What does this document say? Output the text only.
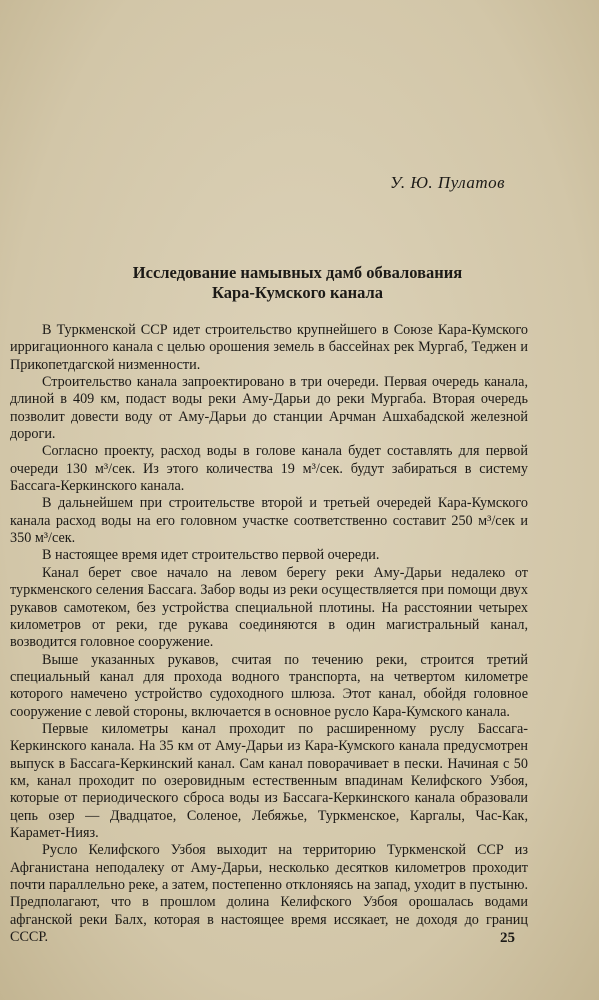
У. Ю. Пулатов
Исследование намывных дамб обвалования
Кара-Кумского канала

В Туркменской ССР идет строительство крупнейшего в Союзе Кара-Кумского ирригационного канала с целью орошения земель в бассейнах рек Мургаб, Теджен и Прикопетдагской низменности.

Строительство канала запроектировано в три очереди. Первая очередь канала, длиной в 409 км, подаст воды реки Аму-Дарьи до реки Мургаба. Вторая очередь позволит довести воду от Аму-Дарьи до станции Арчман Ашхабадской железной дороги.

Согласно проекту, расход воды в голове канала будет составлять для первой очереди 130 м³/сек. Из этого количества 19 м³/сек. будут забираться в систему Бассага-Керкинского канала.

В дальнейшем при строительстве второй и третьей очередей Кара-Кумского канала расход воды на его головном участке соответственно составит 250 м³/сек и 350 м³/сек.

В настоящее время идет строительство первой очереди.

Канал берет свое начало на левом берегу реки Аму-Дарьи недалеко от туркменского селения Бассага. Забор воды из реки осуществляется при помощи двух рукавов самотеком, без устройства специальной плотины. На расстоянии четырех километров от реки, где рукава соединяются в один магистральный канал, возводится головное сооружение.

Выше указанных рукавов, считая по течению реки, строится третий специальный канал для прохода водного транспорта, на четвертом километре которого намечено устройство судоходного шлюза. Этот канал, обойдя головное сооружение с левой стороны, включается в основное русло Кара-Кумского канала.

Первые километры канал проходит по расширенному руслу Бассага-Керкинского канала. На 35 км от Аму-Дарьи из Кара-Кумского канала предусмотрен выпуск в Бассага-Керкинский канал. Сам канал поворачивает в пески. Начиная с 50 км, канал проходит по озеровидным естественным впадинам Келифского Узбоя, которые от периодического сброса воды из Бассага-Керкинского канала образовали цепь озер — Двадцатое, Соленое, Лебяжье, Туркменское, Каргалы, Час-Как, Карамет-Нияз.

Русло Келифского Узбоя выходит на территорию Туркменской ССР из Афганистана неподалеку от Аму-Дарьи, несколько десятков километров проходит почти параллельно реке, а затем, постепенно отклоняясь на запад, уходит в пустыню. Предполагают, что в прошлом долина Келифского Узбоя орошалась водами афганской реки Балх, которая в настоящее время иссякает, не доходя до границ СССР.	25
